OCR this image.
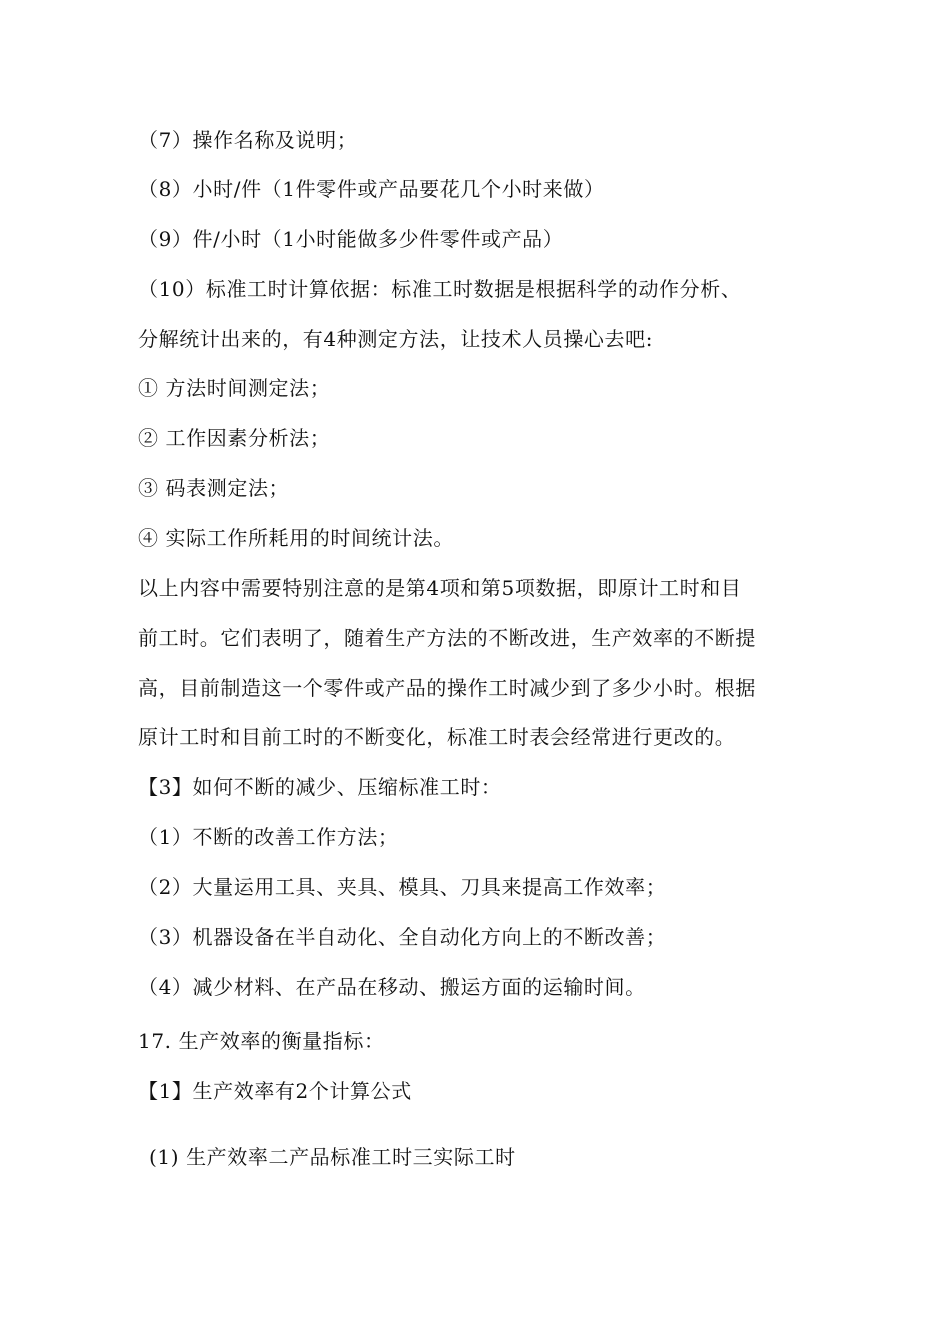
（7）操作名称及说明；
（8）小时/件（1件零件或产品要花几个小时来做）
（9）件/小时（1小时能做多少件零件或产品）
（10）标准工时计算依据：标准工时数据是根据科学的动作分析、
分解统计出来的，有4种测定方法，让技术人员操心去吧:
① 方法时间测定法；
② 工作因素分析法；
③ 码表测定法；
④ 实际工作所耗用的时间统计法。
以上内容中需要特别注意的是第4项和第5项数据，即原计工时和目
前工时。它们表明了，随着生产方法的不断改进，生产效率的不断提
高，目前制造这一个零件或产品的操作工时减少到了多少小时。根据
原计工时和目前工时的不断变化，标准工时表会经常进行更改的。
【3】如何不断的减少、压缩标准工时：
（1）不断的改善工作方法；
（2）大量运用工具、夹具、模具、刀具来提高工作效率；
（3）机器设备在半自动化、全自动化方向上的不断改善；
（4）减少材料、在产品在移动、搬运方面的运输时间。
17. 生产效率的衡量指标：
【1】生产效率有2个计算公式
(1) 生产效率二产品标准工时三实际工时
